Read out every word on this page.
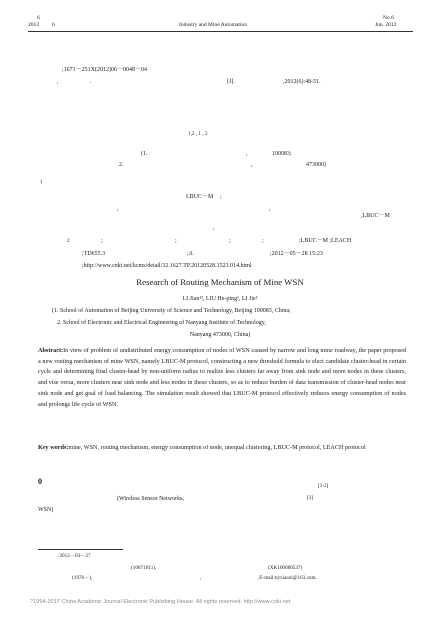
6
2012 6	Industry and Mine Automation
No.6
Jun. 2012
;1671－251X(2012)06－0048－04
,	.	[J].	,2012(6):48-51.
1,2 , 1 , 2
(1.	,	100083;
2.	,	473000)
1
LBUC－M ;
,	,
,LBUC－M
,
2	;	;	;	;	;LBUC－M ;LEACH
;TD655.3	;A	;2012－05－28 15:23
;http://www.cnki.net/kcms/detail/32.1627.TP.20120528.1523.014.html
Research of Routing Mechanism of Mine WSN
LI Jian¹², LIU He-ping¹, LI Jie²
(1. School of Automation of Beijing University of Science and Technology, Beijing 100083, China;
2. School of Electronic and Electrical Engineering of Nanyang Institute of Technology,
Nanyang 473000, China)
Abstract:In view of problem of undistributed energy consumption of nodes of WSN caused by narrow and long mine roadway, the paper proposed a new routing mechanism of mine WSN, namely LBUC-M protocol, constructing a new threshold formula to elect candidate cluster-head in certain cycle and determining final cluster-head by non-uniform radius to realize less clusters far away from sink node and more nodes in these clusters, and vise versa, more clusters near sink node and less nodes in these clusters, so as to reduce burden of data transmission of cluster-head nodes near sink node and get goal of load balancing. The simulation result showed that LBUC-M protocol effectively reduces energy consumption of nodes and prolongs life cycle of WSN.
Key words:mine, WSN, routing mechanism, energy consumption of node, unequal clustering, LBUC-M protocol, LEACH protocol
0	[1-2]
(Wireless Sensor Networks,
WSN)
[3]
:2012－03－27
(10671011),	(XK100080537)
(1976－),	,	,E-mail:nyxiaozi@163.com.
?1994-2017 China Academic Journal Electronic Publishing House. All rights reserved. http://www.cnki.net
